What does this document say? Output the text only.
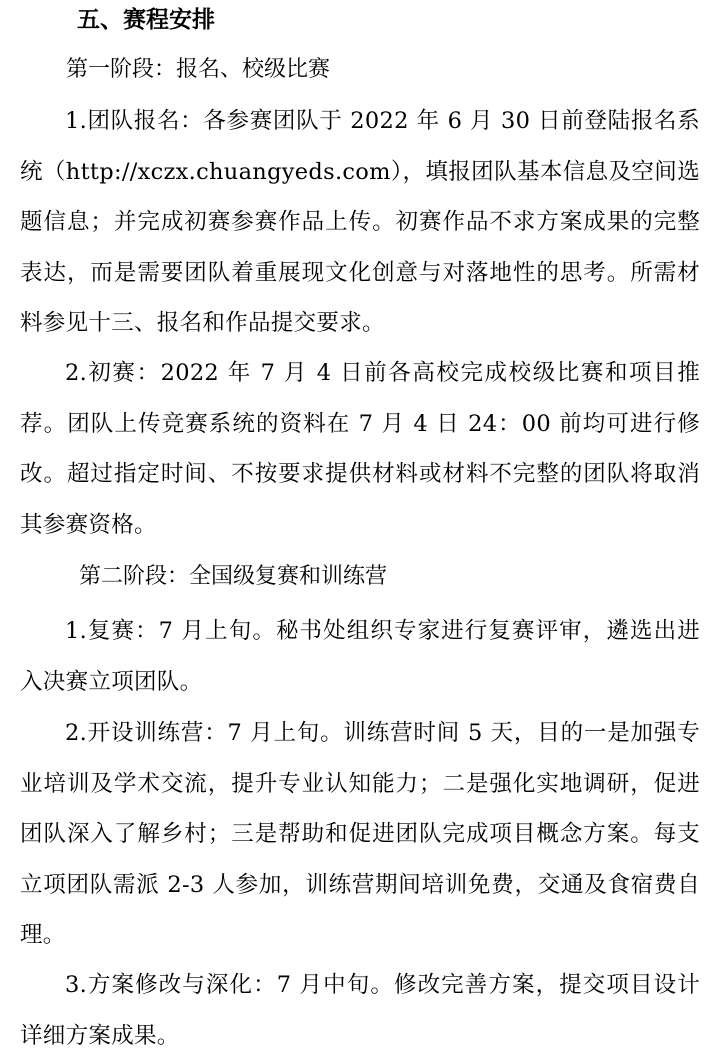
五、赛程安排
第一阶段：报名、校级比赛

1.团队报名：各参赛团队于 2022 年 6 月 30 日前登陆报名系统（http://xczx.chuangyeds.com），填报团队基本信息及空间选题信息；并完成初赛参赛作品上传。初赛作品不求方案成果的完整表达，而是需要团队着重展现文化创意与对落地性的思考。所需材料参见十三、报名和作品提交要求。

2.初赛：2022 年 7 月 4 日前各高校完成校级比赛和项目推荐。团队上传竞赛系统的资料在 7 月 4 日 24：00 前均可进行修改。超过指定时间、不按要求提供材料或材料不完整的团队将取消其参赛资格。

第二阶段：全国级复赛和训练营

1.复赛：7 月上旬。秘书处组织专家进行复赛评审，遴选出进入决赛立项团队。

2.开设训练营：7 月上旬。训练营时间 5 天，目的一是加强专业培训及学术交流，提升专业认知能力；二是强化实地调研，促进团队深入了解乡村；三是帮助和促进团队完成项目概念方案。每支立项团队需派 2-3 人参加，训练营期间培训免费，交通及食宿费自理。

3.方案修改与深化：7 月中旬。修改完善方案，提交项目设计详细方案成果。
